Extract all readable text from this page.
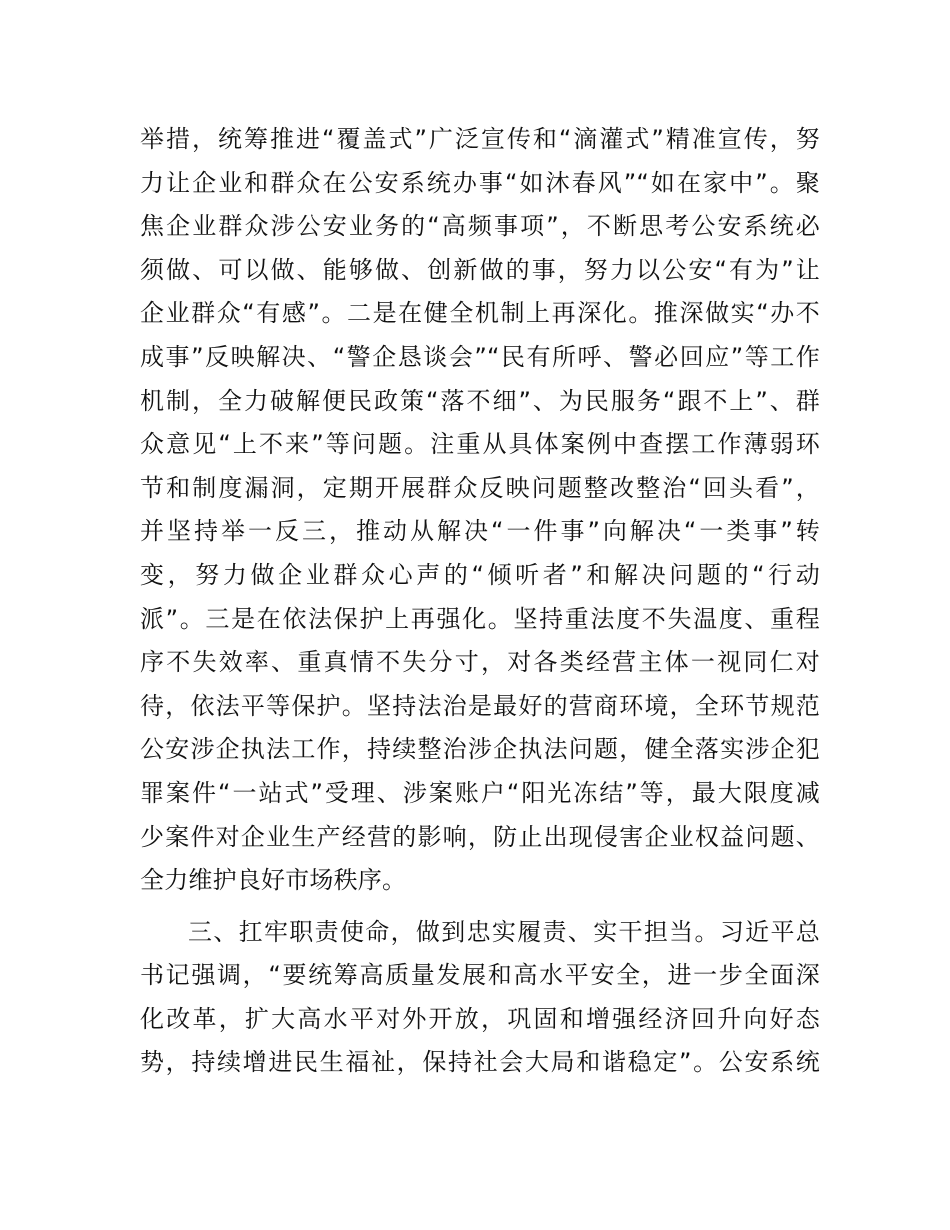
举措，统筹推进“覆盖式”广泛宣传和“滴灌式”精准宣传，努
力让企业和群众在公安系统办事“如沐春风”“如在家中”。聚
焦企业群众涉公安业务的“高频事项”，不断思考公安系统必
须做、可以做、能够做、创新做的事，努力以公安“有为”让
企业群众“有感”。二是在健全机制上再深化。推深做实“办不
成事”反映解决、“警企恳谈会”“民有所呼、警必回应”等工作
机制，全力破解便民政策“落不细”、为民服务“跟不上”、群
众意见“上不来”等问题。注重从具体案例中查摆工作薄弱环
节和制度漏洞，定期开展群众反映问题整改整治“回头看”，
并坚持举一反三，推动从解决“一件事”向解决“一类事”转
变，努力做企业群众心声的“倾听者”和解决问题的“行动
派”。三是在依法保护上再强化。坚持重法度不失温度、重程
序不失效率、重真情不失分寸，对各类经营主体一视同仁对
待，依法平等保护。坚持法治是最好的营商环境，全环节规范
公安涉企执法工作，持续整治涉企执法问题，健全落实涉企犯
罪案件“一站式”受理、涉案账户“阳光冻结”等，最大限度减
少案件对企业生产经营的影响，防止出现侵害企业权益问题、
全力维护良好市场秩序。
三、扛牢职责使命，做到忠实履责、实干担当。习近平总
书记强调，“要统筹高质量发展和高水平安全，进一步全面深
化改革，扩大高水平对外开放，巩固和增强经济回升向好态
势，持续增进民生福祉，保持社会大局和谐稳定”。公安系统
